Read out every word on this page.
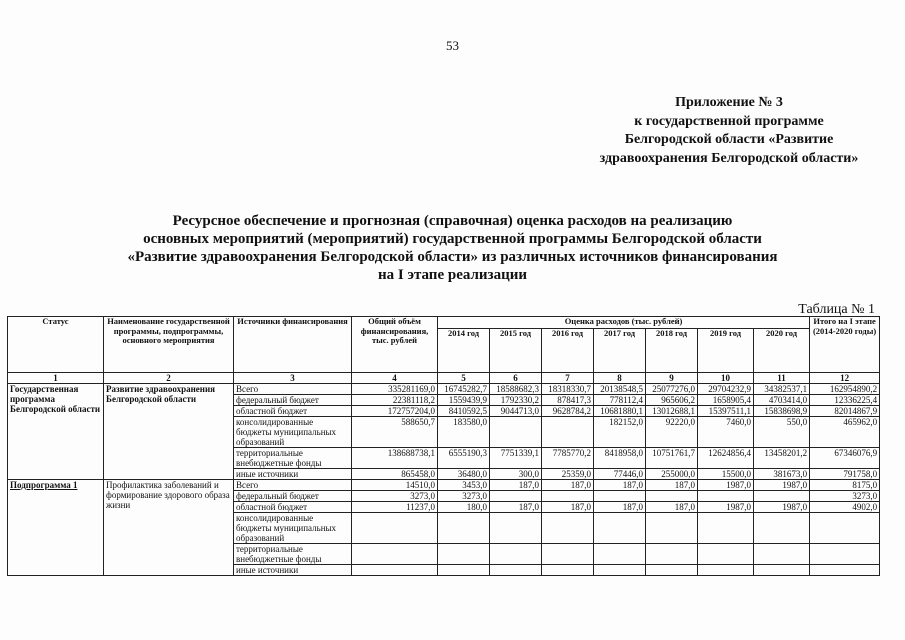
53
Приложение № 3
к государственной программе
Белгородской области «Развитие
здравоохранения Белгородской области»
Ресурсное обеспечение и прогнозная (справочная) оценка расходов на реализацию
основных мероприятий (мероприятий) государственной программы Белгородской области
«Развитие здравоохранения Белгородской области» из различных источников финансирования
на I этапе реализации
Таблица № 1
Статус	Наименование государственной программы, подпрограммы, основного мероприятия	Источники финансирования	Общий объём финансирования, тыс. рублей	Оценка расходов (тыс. рублей)							Итого на I этапе (2014-2020 годы)
				2014 год	2015 год	2016 год	2017 год	2018 год	2019 год	2020 год	
1	2	3	4	5	6	7	8	9	10	11	12
Государственная программа Белгородской области	Развитие здравоохранения Белгородской области	Всего	335281169,0	16745282,7	18588682,3	18318330,7	20138548,5	25077276,0	29704232,9	34382537,1	162954890,2
		федеральный бюджет	22381118,2	1559439,9	1792330,2	878417,3	778112,4	965606,2	1658905,4	4703414,0	12336225,4
		областной бюджет	172757204,0	8410592,5	9044713,0	9628784,2	10681880,1	13012688,1	15397511,1	15838698,9	82014867,9
		консолидированные бюджеты муниципальных образований	588650,7	183580,0			182152,0	92220,0	7460,0	550,0	465962,0
		территориальные внебюджетные фонды	138688738,1	6555190,3	7751339,1	7785770,2	8418958,0	10751761,7	12624856,4	13458201,2	67346076,9
		иные источники	865458,0	36480,0	300,0	25359,0	77446,0	255000,0	15500,0	381673,0	791758,0
Подпрограмма 1	Профилактика заболеваний и формирование здорового образа жизни	Всего	14510,0	3453,0	187,0	187,0	187,0	187,0	1987,0	1987,0	8175,0
		федеральный бюджет	3273,0	3273,0							3273,0
		областной бюджет	11237,0	180,0	187,0	187,0	187,0	187,0	1987,0	1987,0	4902,0
		консолидированные бюджеты муниципальных образований									
		территориальные внебюджетные фонды									
		иные источники									
